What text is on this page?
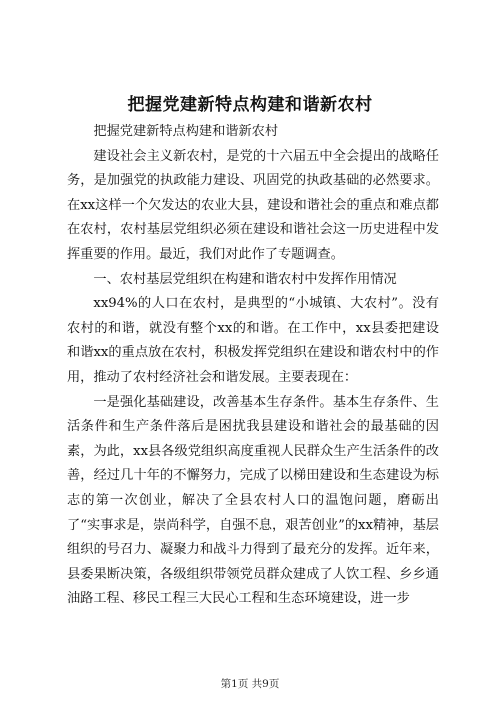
把握党建新特点构建和谐新农村

把握党建新特点构建和谐新农村

建设社会主义新农村，是党的十六届五中全会提出的战略任务，是加强党的执政能力建设、巩固党的执政基础的必然要求。在xx这样一个欠发达的农业大县，建设和谐社会的重点和难点都在农村，农村基层党组织必须在建设和谐社会这一历史进程中发挥重要的作用。最近，我们对此作了专题调查。

一、农村基层党组织在构建和谐农村中发挥作用情况

xx94%的人口在农村，是典型的“小城镇、大农村”。没有农村的和谐，就没有整个xx的和谐。在工作中，xx县委把建设和谐xx的重点放在农村，积极发挥党组织在建设和谐农村中的作用，推动了农村经济社会和谐发展。主要表现在：

一是强化基础建设，改善基本生存条件。基本生存条件、生活条件和生产条件落后是困扰我县建设和谐社会的最基础的因素，为此，xx县各级党组织高度重视人民群众生产生活条件的改善，经过几十年的不懈努力，完成了以梯田建设和生态建设为标志的第一次创业，解决了全县农村人口的温饱问题，磨砺出了“实事求是，崇尚科学，自强不息，艰苦创业”的xx精神，基层组织的号召力、凝聚力和战斗力得到了最充分的发挥。近年来，县委果断决策，各级组织带领党员群众建成了人饮工程、乡乡通油路工程、移民工程三大民心工程和生态环境建设，进一步

第1页 共9页
